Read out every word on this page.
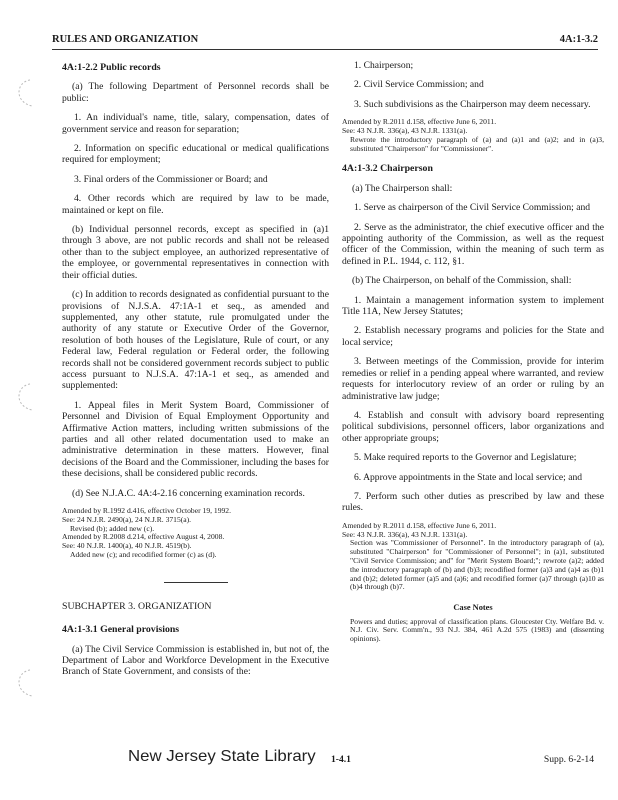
RULES AND ORGANIZATION	4A:1-3.2
4A:1-2.2 Public records
(a) The following Department of Personnel records shall be public:
1. An individual's name, title, salary, compensation, dates of government service and reason for separation;
2. Information on specific educational or medical qualifications required for employment;
3. Final orders of the Commissioner or Board; and
4. Other records which are required by law to be made, maintained or kept on file.
(b) Individual personnel records, except as specified in (a)1 through 3 above, are not public records and shall not be released other than to the subject employee, an authorized representative of the employee, or governmental representatives in connection with their official duties.
(c) In addition to records designated as confidential pursuant to the provisions of N.J.S.A. 47:1A-1 et seq., as amended and supplemented, any other statute, rule promulgated under the authority of any statute or Executive Order of the Governor, resolution of both houses of the Legislature, Rule of court, or any Federal law, Federal regulation or Federal order, the following records shall not be considered government records subject to public access pursuant to N.J.S.A. 47:1A-1 et seq., as amended and supplemented:
1. Appeal files in Merit System Board, Commissioner of Personnel and Division of Equal Employment Opportunity and Affirmative Action matters, including written submissions of the parties and all other related documentation used to make an administrative determination in these matters. However, final decisions of the Board and the Commissioner, including the bases for these decisions, shall be considered public records.
(d) See N.J.A.C. 4A:4-2.16 concerning examination records.

Amended by R.1992 d.416, effective October 19, 1992.

See: 24 N.J.R. 2490(a), 24 N.J.R. 3715(a).

Revised (b); added new (c).

Amended by R.2008 d.214, effective August 4, 2008.

See: 40 N.J.R. 1400(a), 40 N.J.R. 4519(b).

Added new (c); and recodified former (c) as (d).

SUBCHAPTER 3. ORGANIZATION
4A:1-3.1 General provisions
(a) The Civil Service Commission is established in, but not of, the Department of Labor and Workforce Development in the Executive Branch of State Government, and consists of the:
1. Chairperson;
2. Civil Service Commission; and
3. Such subdivisions as the Chairperson may deem necessary.

Amended by R.2011 d.158, effective June 6, 2011.

See: 43 N.J.R. 336(a), 43 N.J.R. 1331(a).

Rewrote the introductory paragraph of (a) and (a)1 and (a)2; and in (a)3, substituted "Chairperson" for "Commissioner".

4A:1-3.2 Chairperson
(a) The Chairperson shall:
1. Serve as chairperson of the Civil Service Commission; and
2. Serve as the administrator, the chief executive officer and the appointing authority of the Commission, as well as the request officer of the Commission, within the meaning of such term as defined in P.L. 1944, c. 112, §1.
(b) The Chairperson, on behalf of the Commission, shall:
1. Maintain a management information system to implement Title 11A, New Jersey Statutes;
2. Establish necessary programs and policies for the State and local service;
3. Between meetings of the Commission, provide for interim remedies or relief in a pending appeal where warranted, and review requests for interlocutory review of an order or ruling by an administrative law judge;
4. Establish and consult with advisory board representing political subdivisions, personnel officers, labor organizations and other appropriate groups;
5. Make required reports to the Governor and Legislature;
6. Approve appointments in the State and local service; and
7. Perform such other duties as prescribed by law and these rules.

Amended by R.2011 d.158, effective June 6, 2011.

See: 43 N.J.R. 336(a), 43 N.J.R. 1331(a).

Section was "Commissioner of Personnel". In the introductory paragraph of (a), substituted "Chairperson" for "Commissioner of Personnel"; in (a)1, substituted "Civil Service Commission; and" for "Merit System Board;"; rewrote (a)2; added the introductory paragraph of (b) and (b)3; recodified former (a)3 and (a)4 as (b)1 and (b)2; deleted former (a)5 and (a)6; and recodified former (a)7 through (a)10 as (b)4 through (b)7.

Case Notes

Powers and duties; approval of classification plans. Gloucester Cty. Welfare Bd. v. N.J. Civ. Serv. Comm'n., 93 N.J. 384, 461 A.2d 575 (1983) and (dissenting opinions).

New Jersey State Library 1-4.1	Supp. 6-2-14
